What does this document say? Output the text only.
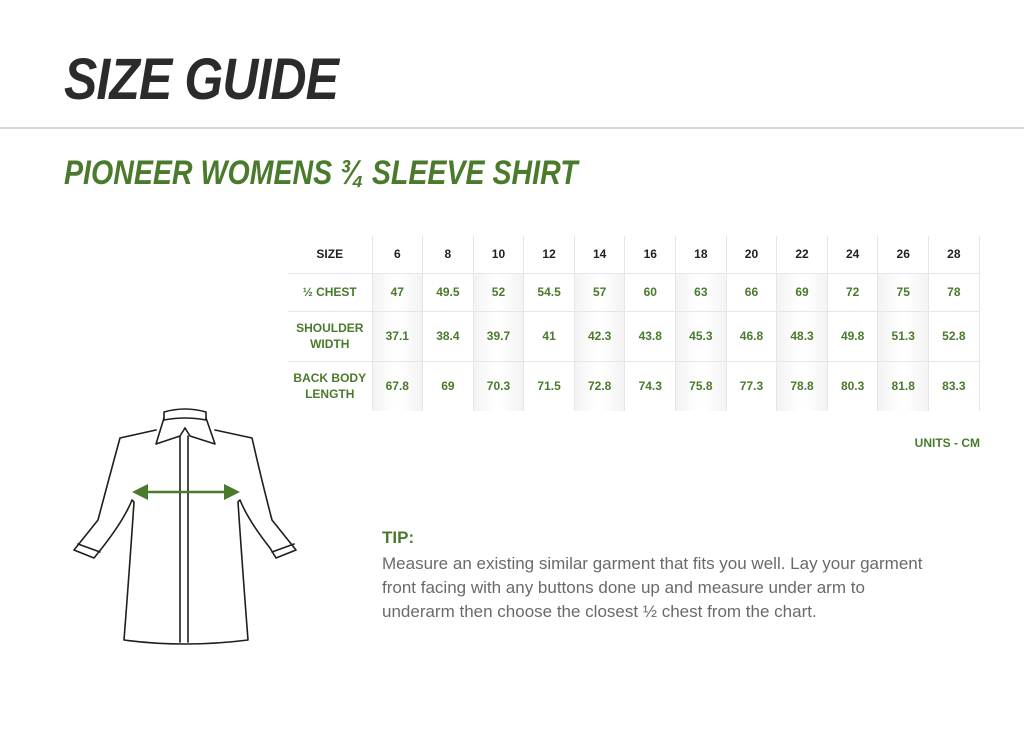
SIZE GUIDE
PIONEER WOMENS ¾ SLEEVE SHIRT
SIZE	6	8	10	12	14	16	18	20	22	24	26	28
½ CHEST	47	49.5	52	54.5	57	60	63	66	69	72	75	78
SHOULDER
WIDTH	37.1	38.4	39.7	41	42.3	43.8	45.3	46.8	48.3	49.8	51.3	52.8
BACK BODY
LENGTH	67.8	69	70.3	71.5	72.8	74.3	75.8	77.3	78.8	80.3	81.8	83.3
UNITS - CM
TIP:
Measure an existing similar garment that fits you well. Lay your garment front facing with any buttons done up and measure under arm to underarm then choose the closest ½ chest from the chart.
